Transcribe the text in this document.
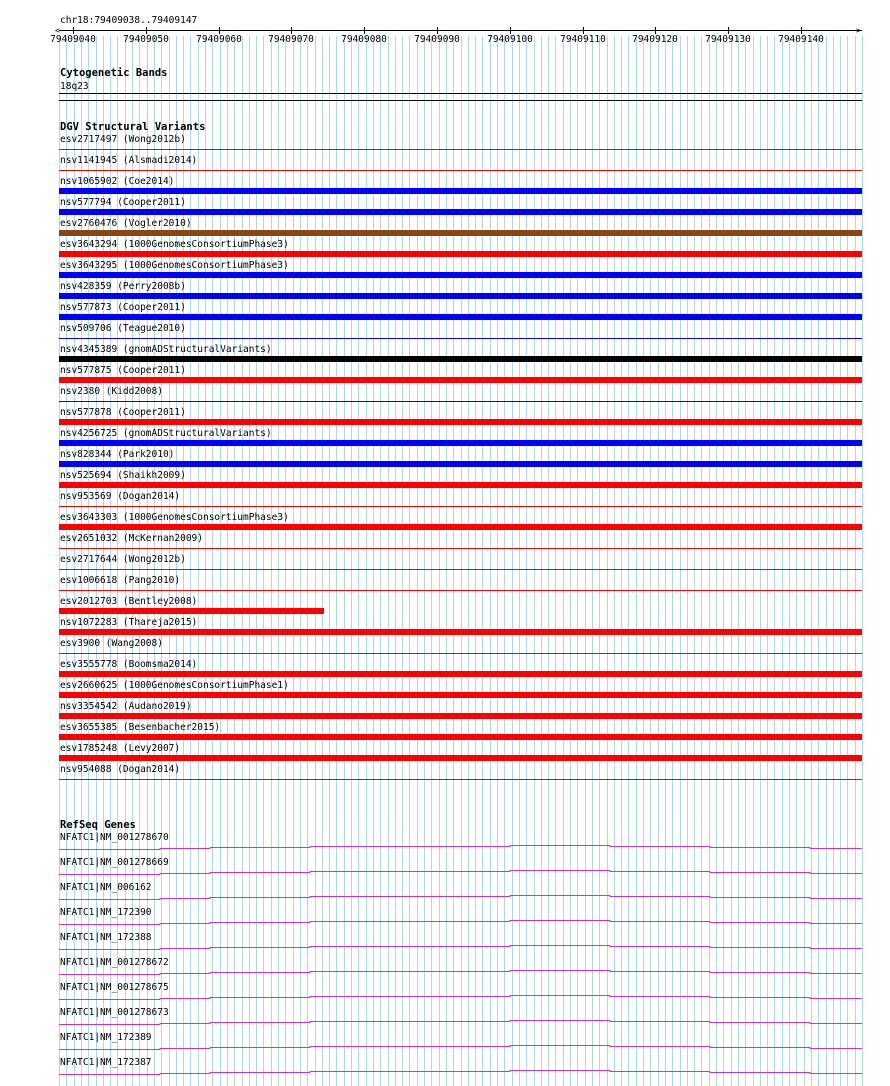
chr18:79409038..79409147
<	>
79409040	79409050	79409060	79409070	79409080	79409090	79409100	79409110	79409120	79409130	79409140
Cytogenetic Bands
18q23
DGV Structural Variants
esv2717497 (Wong2012b)
nsv1141945 (Alsmadi2014)
nsv1065902 (Coe2014)
nsv577794 (Cooper2011)
esv2760476 (Vogler2010)
esv3643294 (1000GenomesConsortiumPhase3)
esv3643295 (1000GenomesConsortiumPhase3)
nsv428359 (Perry2008b)
nsv577873 (Cooper2011)
nsv509706 (Teague2010)
nsv4345389 (gnomADStructuralVariants)
nsv577875 (Cooper2011)
nsv2380 (Kidd2008)
nsv577878 (Cooper2011)
nsv4256725 (gnomADStructuralVariants)
nsv828344 (Park2010)
nsv525694 (Shaikh2009)
nsv953569 (Dogan2014)
esv3643303 (1000GenomesConsortiumPhase3)
esv2651032 (McKernan2009)
esv2717644 (Wong2012b)
esv1006618 (Pang2010)
esv2012703 (Bentley2008)
nsv1072283 (Thareja2015)
esv3900 (Wang2008)
esv3555778 (Boomsma2014)
esv2660625 (1000GenomesConsortiumPhase1)
nsv3354542 (Audano2019)
esv3655385 (Besenbacher2015)
esv1785248 (Levy2007)
nsv954088 (Dogan2014)
RefSeq Genes
NFATC1|NM_001278670
NFATC1|NM_001278669
NFATC1|NM_006162
NFATC1|NM_172390
NFATC1|NM_172388
NFATC1|NM_001278672
NFATC1|NM_001278675
NFATC1|NM_001278673
NFATC1|NM_172389
NFATC1|NM_172387
